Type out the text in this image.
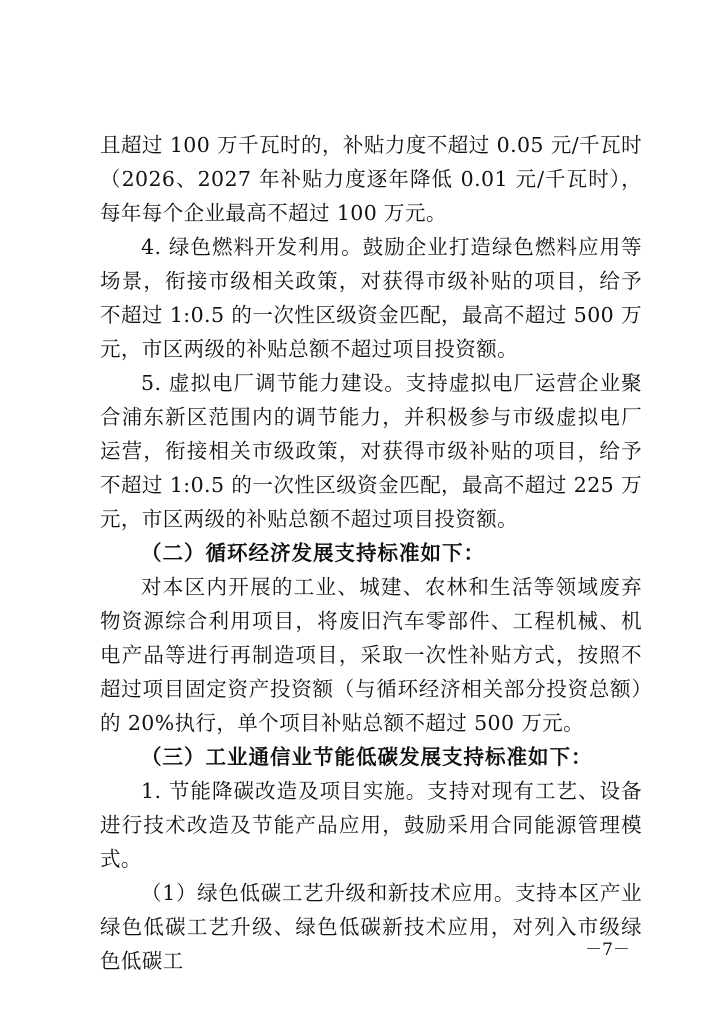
且超过 100 万千瓦时的，补贴力度不超过 0.05 元/千瓦时（2026、2027 年补贴力度逐年降低 0.01 元/千瓦时），每年每个企业最高不超过 100 万元。

4. 绿色燃料开发利用。鼓励企业打造绿色燃料应用等场景，衔接市级相关政策，对获得市级补贴的项目，给予不超过 1:0.5 的一次性区级资金匹配，最高不超过 500 万元，市区两级的补贴总额不超过项目投资额。

5. 虚拟电厂调节能力建设。支持虚拟电厂运营企业聚合浦东新区范围内的调节能力，并积极参与市级虚拟电厂运营，衔接相关市级政策，对获得市级补贴的项目，给予不超过 1:0.5 的一次性区级资金匹配，最高不超过 225 万元，市区两级的补贴总额不超过项目投资额。

（二）循环经济发展支持标准如下：

对本区内开展的工业、城建、农林和生活等领域废弃物资源综合利用项目，将废旧汽车零部件、工程机械、机电产品等进行再制造项目，采取一次性补贴方式，按照不超过项目固定资产投资额（与循环经济相关部分投资总额）的 20%执行，单个项目补贴总额不超过 500 万元。

（三）工业通信业节能低碳发展支持标准如下：

1. 节能降碳改造及项目实施。支持对现有工艺、设备进行技术改造及节能产品应用，鼓励采用合同能源管理模式。

（1）绿色低碳工艺升级和新技术应用。支持本区产业绿色低碳工艺升级、绿色低碳新技术应用，对列入市级绿色低碳工	－7－
